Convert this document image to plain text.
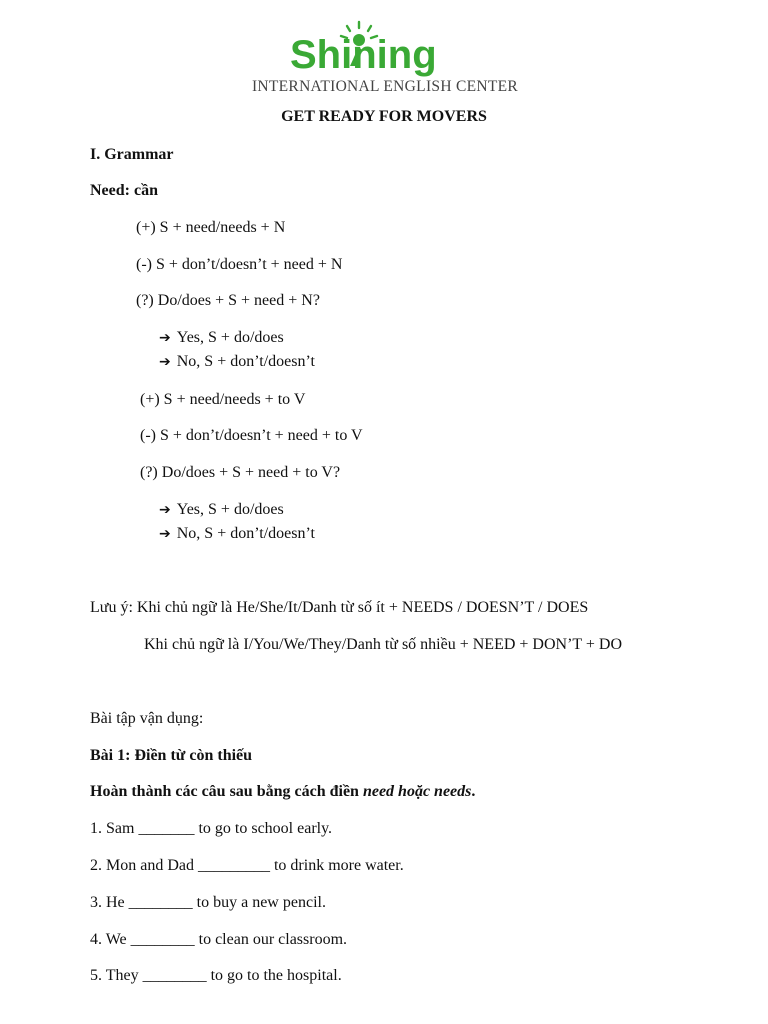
Shining
INTERNATIONAL ENGLISH CENTER
GET READY FOR MOVERS
I. Grammar
Need: cần
(+) S + need/needs + N
(-) S + don’t/doesn’t + need + N
(?) Do/does + S + need + N?
➔ Yes, S + do/does
➔ No, S + don’t/doesn’t
(+) S + need/needs + to V
(-) S + don’t/doesn’t + need + to V
(?) Do/does + S + need + to V?
➔ Yes, S + do/does
➔ No, S + don’t/doesn’t
Lưu ý: Khi chủ ngữ là He/She/It/Danh từ số ít + NEEDS / DOESN’T / DOES
Khi chủ ngữ là I/You/We/They/Danh từ số nhiều + NEED + DON’T + DO
Bài tập vận dụng:
Bài 1: Điền từ còn thiếu
Hoàn thành các câu sau bằng cách điền need hoặc needs.
1. Sam _______ to go to school early.
2. Mon and Dad _________ to drink more water.
3. He ________ to buy a new pencil.
4. We ________ to clean our classroom.
5. They ________ to go to the hospital.
